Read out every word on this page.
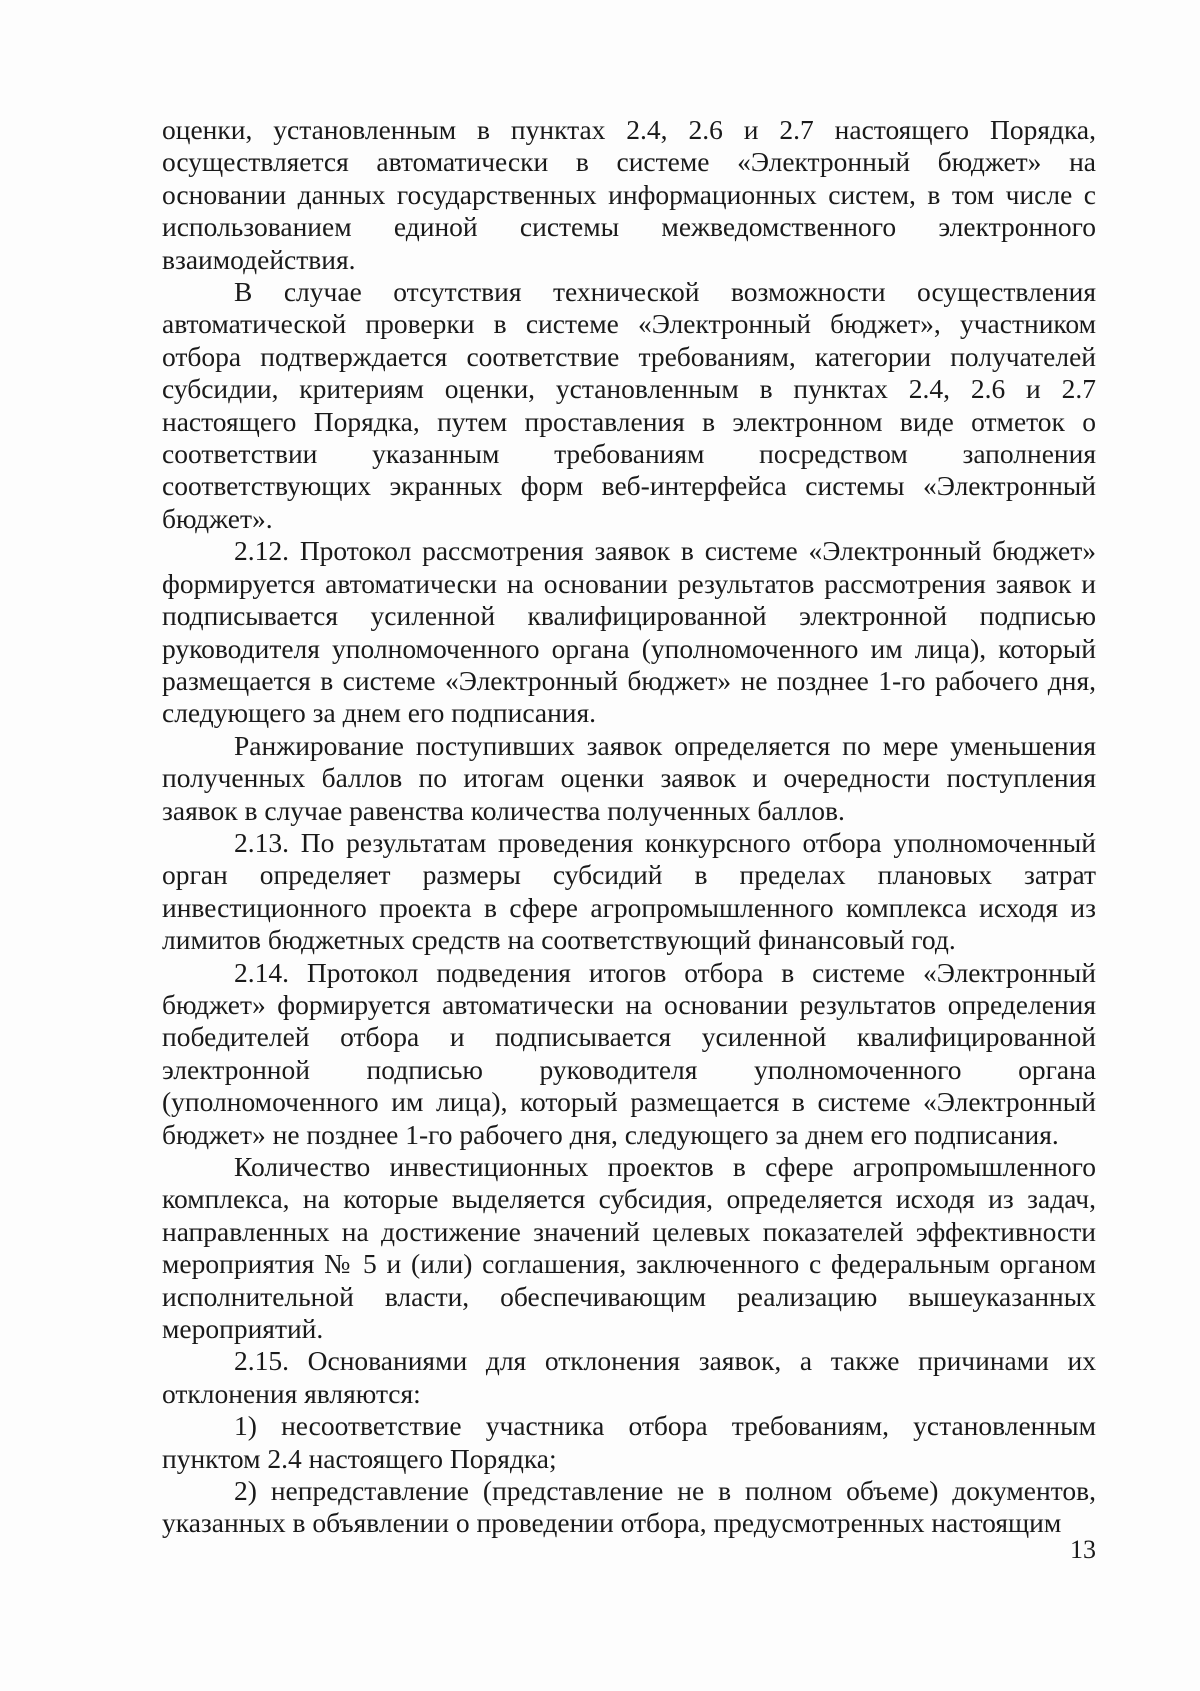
оценки, установленным в пунктах 2.4, 2.6 и 2.7 настоящего Порядка, осуществляется автоматически в системе «Электронный бюджет» на основании данных государственных информационных систем, в том числе с использованием единой системы межведомственного электронного взаимодействия.

В случае отсутствия технической возможности осуществления автоматической проверки в системе «Электронный бюджет», участником отбора подтверждается соответствие требованиям, категории получателей субсидии, критериям оценки, установленным в пунктах 2.4, 2.6 и 2.7 настоящего Порядка, путем проставления в электронном виде отметок о соответствии указанным требованиям посредством заполнения соответствующих экранных форм веб-интерфейса системы «Электронный бюджет».

2.12. Протокол рассмотрения заявок в системе «Электронный бюджет» формируется автоматически на основании результатов рассмотрения заявок и подписывается усиленной квалифицированной электронной подписью руководителя уполномоченного органа (уполномоченного им лица), который размещается в системе «Электронный бюджет» не позднее 1-го рабочего дня, следующего за днем его подписания.

Ранжирование поступивших заявок определяется по мере уменьшения полученных баллов по итогам оценки заявок и очередности поступления заявок в случае равенства количества полученных баллов.

2.13. По результатам проведения конкурсного отбора уполномоченный орган определяет размеры субсидий в пределах плановых затрат инвестиционного проекта в сфере агропромышленного комплекса исходя из лимитов бюджетных средств на соответствующий финансовый год.

2.14. Протокол подведения итогов отбора в системе «Электронный бюджет» формируется автоматически на основании результатов определения победителей отбора и подписывается усиленной квалифицированной электронной подписью руководителя уполномоченного органа (уполномоченного им лица), который размещается в системе «Электронный бюджет» не позднее 1-го рабочего дня, следующего за днем его подписания.

Количество инвестиционных проектов в сфере агропромышленного комплекса, на которые выделяется субсидия, определяется исходя из задач, направленных на достижение значений целевых показателей эффективности мероприятия № 5 и (или) соглашения, заключенного с федеральным органом исполнительной власти, обеспечивающим реализацию вышеуказанных мероприятий.

2.15. Основаниями для отклонения заявок, а также причинами их отклонения являются:

1) несоответствие участника отбора требованиям, установленным пунктом 2.4 настоящего Порядка;

2) непредставление (представление не в полном объеме) документов, указанных в объявлении о проведении отбора, предусмотренных настоящим

13
